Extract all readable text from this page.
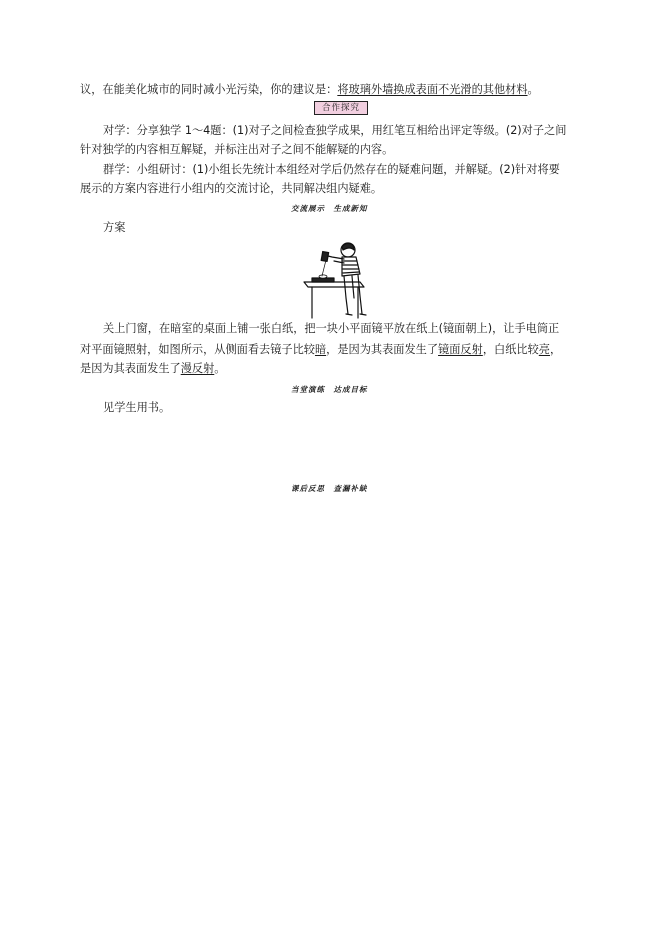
议，在能美化城市的同时减小光污染，你的建议是：将玻璃外墙换成表面不光滑的其他材料。
合作探究
对学：分享独学 1～4题：(1)对子之间检查独学成果，用红笔互相给出评定等级。(2)对子之间
针对独学的内容相互解疑，并标注出对子之间不能解疑的内容。
群学：小组研讨：(1)小组长先统计本组经对学后仍然存在的疑难问题，并解疑。(2)针对将要
展示的方案内容进行小组内的交流讨论，共同解决组内疑难。
交流展示　生成新知
方案
关上门窗，在暗室的桌面上铺一张白纸，把一块小平面镜平放在纸上(镜面朝上)，让手电筒正
对平面镜照射，如图所示，从侧面看去镜子比较暗，是因为其表面发生了镜面反射，白纸比较亮，
是因为其表面发生了漫反射。
当堂演练　达成目标
见学生用书。
课后反思　查漏补缺
